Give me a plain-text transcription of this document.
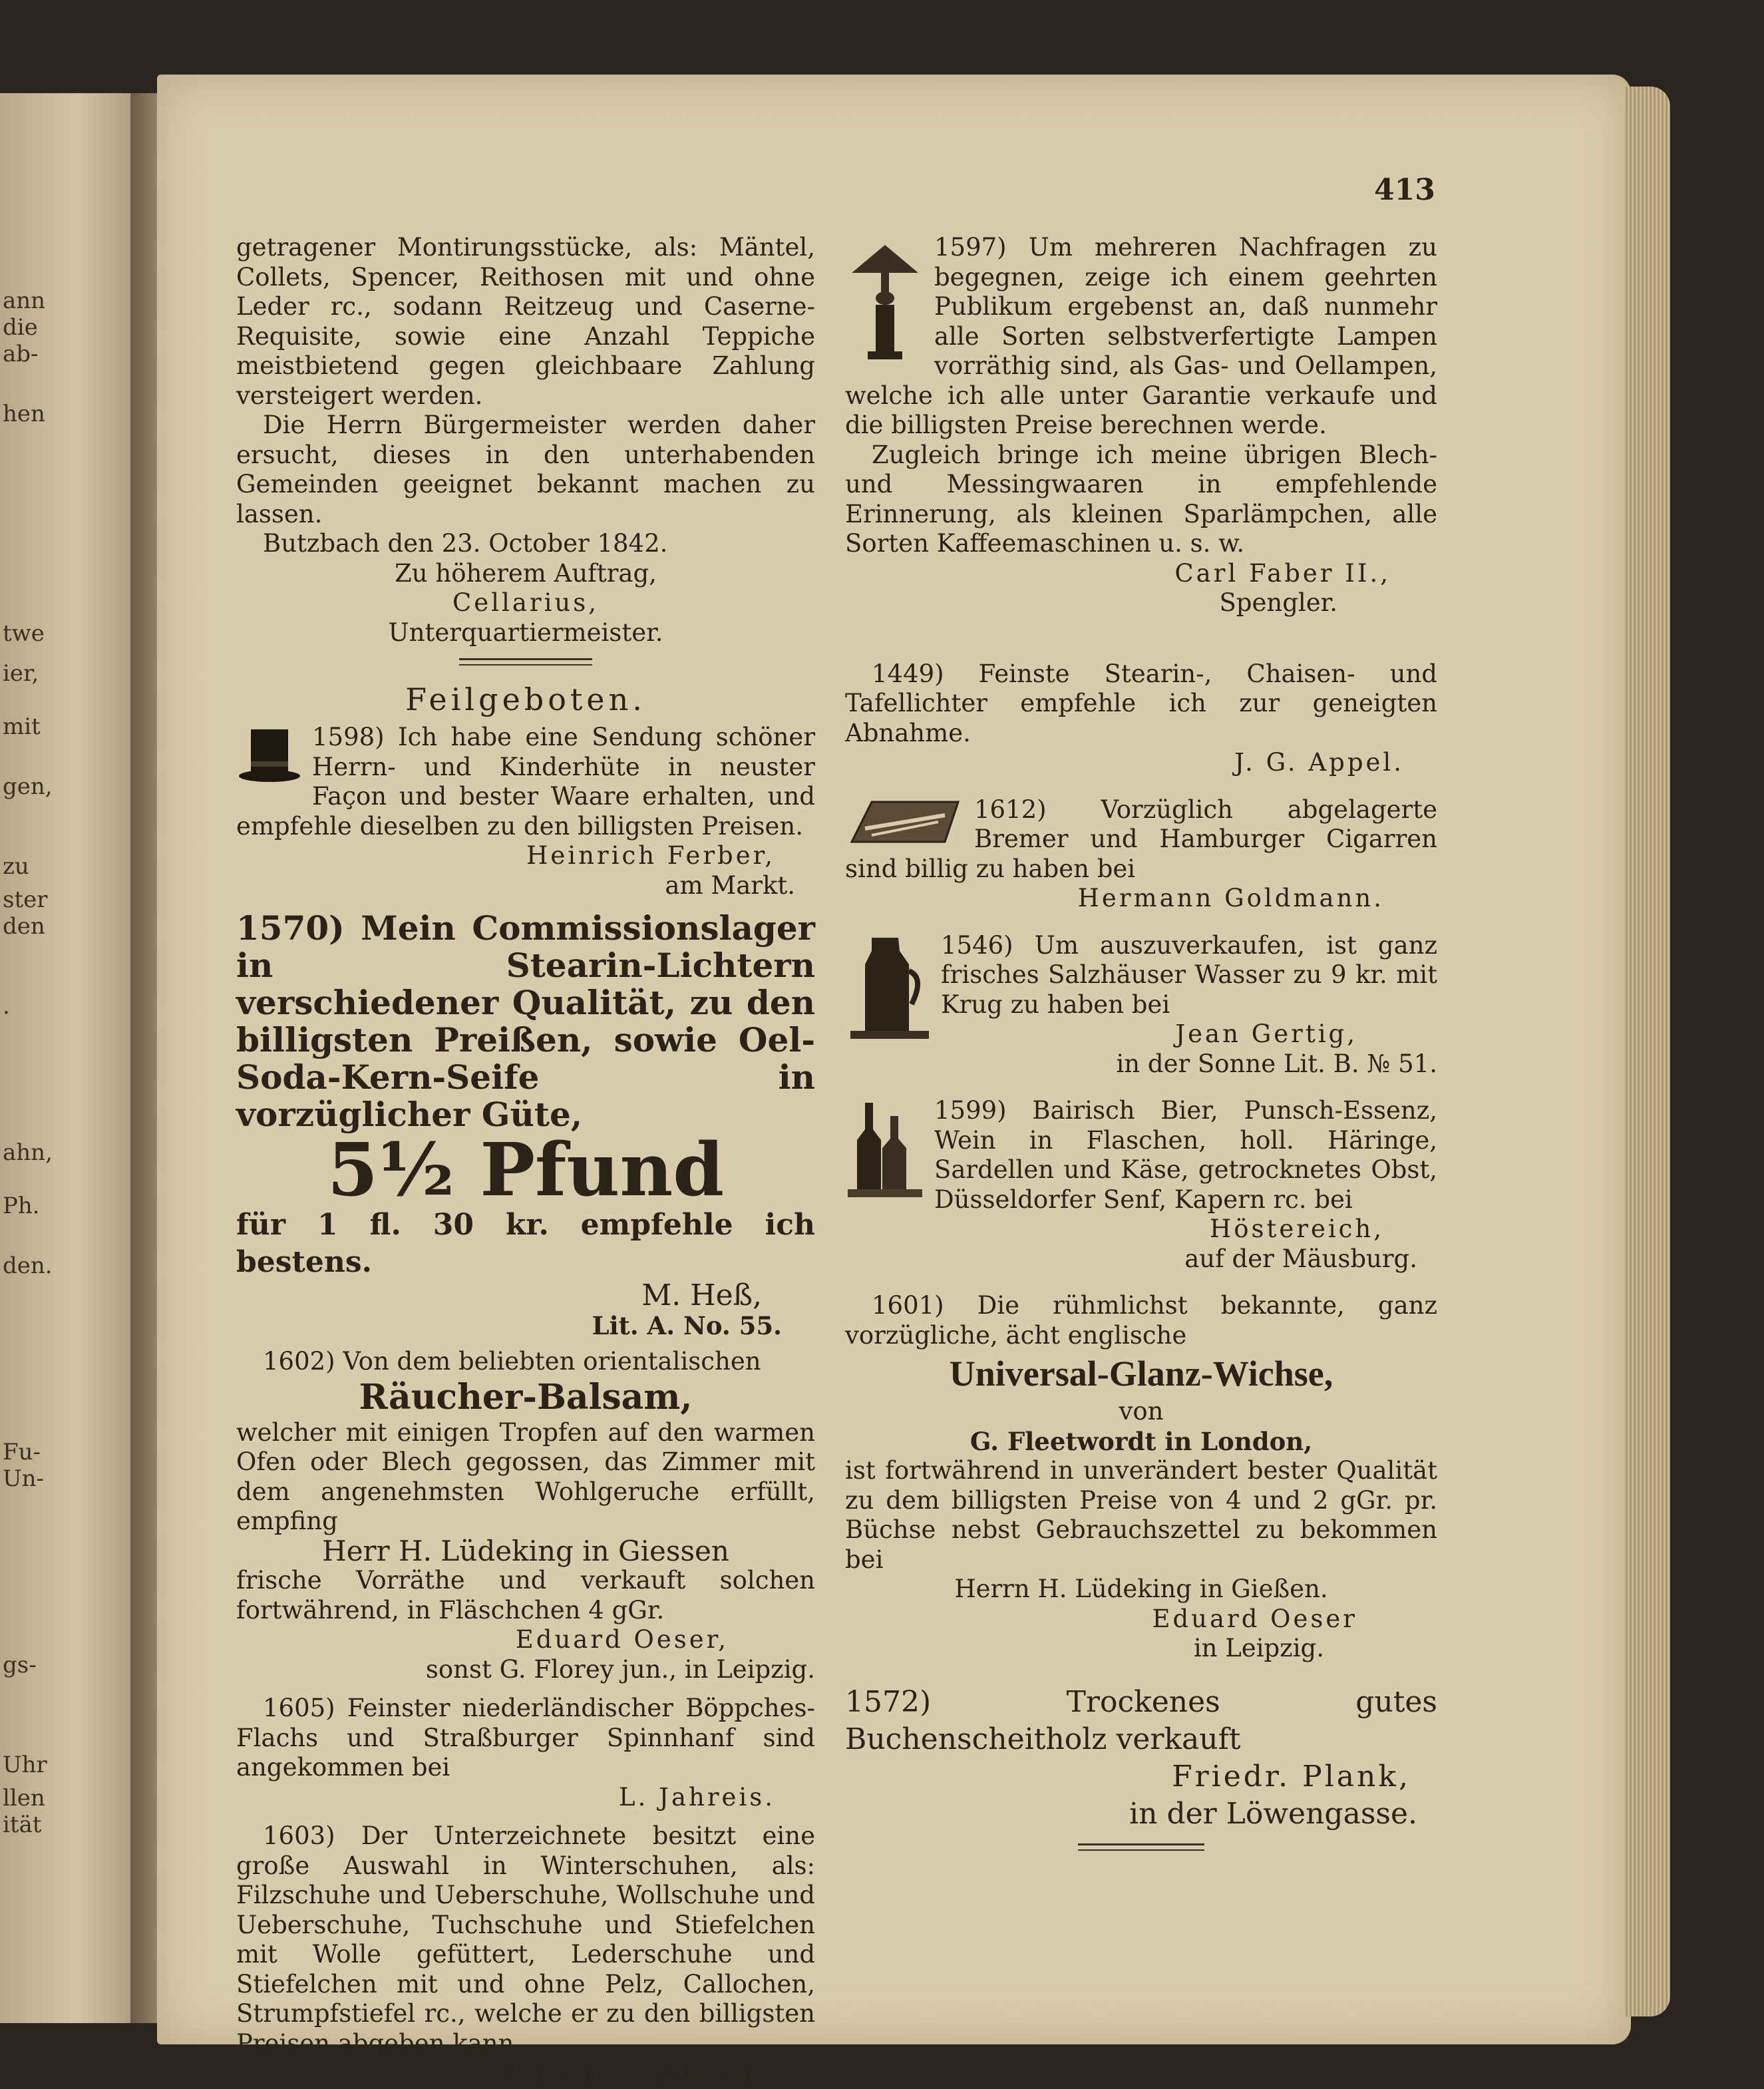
ann
die
ab-
hen
twe
ier,
mit
gen,
zu
ster
den
.
ahn,
Ph.
den.
Fu-
Un-
gs-
Uhr
llen
ität
413

getragener Montirungsstücke, als: Mäntel, Collets, Spencer, Reithosen mit und ohne Leder rc., sodann Reitzeug und Caserne-Requisite, sowie eine Anzahl Teppiche meistbietend gegen gleichbaare Zahlung versteigert werden.

Die Herrn Bürgermeister werden daher ersucht, dieses in den unterhabenden Gemeinden geeignet bekannt machen zu lassen.

Butzbach den 23. October 1842.

Zu höherem Auftrag,

Cellarius,

Unterquartiermeister.

Feilgeboten.

1598) Ich habe eine Sendung schöner Herrn- und Kinderhüte in neuster Façon und bester Waare erhalten, und empfehle dieselben zu den billigsten Preisen.

Heinrich Ferber,

am Markt.

1570) Mein Commissionslager in Stearin-Lichtern verschiedener Qualität, zu den billigsten Preißen, sowie Oel-Soda-Kern-Seife in vorzüglicher Güte,

5½ Pfund

für 1 fl. 30 kr. empfehle ich bestens.

M. Heß,

Lit. A. No. 55.

1602) Von dem beliebten orientalischen

Räucher-Balsam,

welcher mit einigen Tropfen auf den warmen Ofen oder Blech gegossen, das Zimmer mit dem angenehmsten Wohlgeruche erfüllt, empfing

Herr H. Lüdeking in Giessen

frische Vorräthe und verkauft solchen fortwährend, in Fläschchen 4 gGr.

Eduard Oeser,

sonst G. Florey jun., in Leipzig.

1605) Feinster niederländischer Böppches-Flachs und Straßburger Spinnhanf sind angekommen bei

L. Jahreis.

1603) Der Unterzeichnete besitzt eine große Auswahl in Winterschuhen, als: Filzschuhe und Ueberschuhe, Wollschuhe und Ueberschuhe, Tuchschuhe und Stiefelchen mit Wolle gefüttert, Lederschuhe und Stiefelchen mit und ohne Pelz, Callochen, Strumpfstiefel rc., welche er zu den billigsten Preisen abgeben kann.

Hermann Goldmann.

1597) Um mehreren Nachfragen zu begegnen, zeige ich einem geehrten Publikum ergebenst an, daß nunmehr alle Sorten selbstverfertigte Lampen vorräthig sind, als Gas- und Oellampen, welche ich alle unter Garantie verkaufe und die billigsten Preise berechnen werde.

Zugleich bringe ich meine übrigen Blech- und Messingwaaren in empfehlende Erinnerung, als kleinen Sparlämpchen, alle Sorten Kaffeemaschinen u. s. w.

Carl Faber II.,

Spengler.

1449) Feinste Stearin-, Chaisen- und Tafellichter empfehle ich zur geneigten Abnahme.

J. G. Appel.

1612) Vorzüglich abgelagerte Bremer und Hamburger Cigarren sind billig zu haben bei

Hermann Goldmann.

1546) Um auszuverkaufen, ist ganz frisches Salzhäuser Wasser zu 9 kr. mit Krug zu haben bei

Jean Gertig,

in der Sonne Lit. B. № 51.

1599) Bairisch Bier, Punsch-Essenz, Wein in Flaschen, holl. Häringe, Sardellen und Käse, getrocknetes Obst, Düsseldorfer Senf, Kapern rc. bei

Höstereich,

auf der Mäusburg.

1601) Die rühmlichst bekannte, ganz vorzügliche, ächt englische

Universal-Glanz-Wichse,

von

G. Fleetwordt in London,

ist fortwährend in unverändert bester Qualität zu dem billigsten Preise von 4 und 2 gGr. pr. Büchse nebst Gebrauchszettel zu bekommen bei

Herrn H. Lüdeking in Gießen.

Eduard Oeser

in Leipzig.

1572) Trockenes gutes Buchenscheitholz verkauft

Friedr. Plank,

in der Löwengasse.
